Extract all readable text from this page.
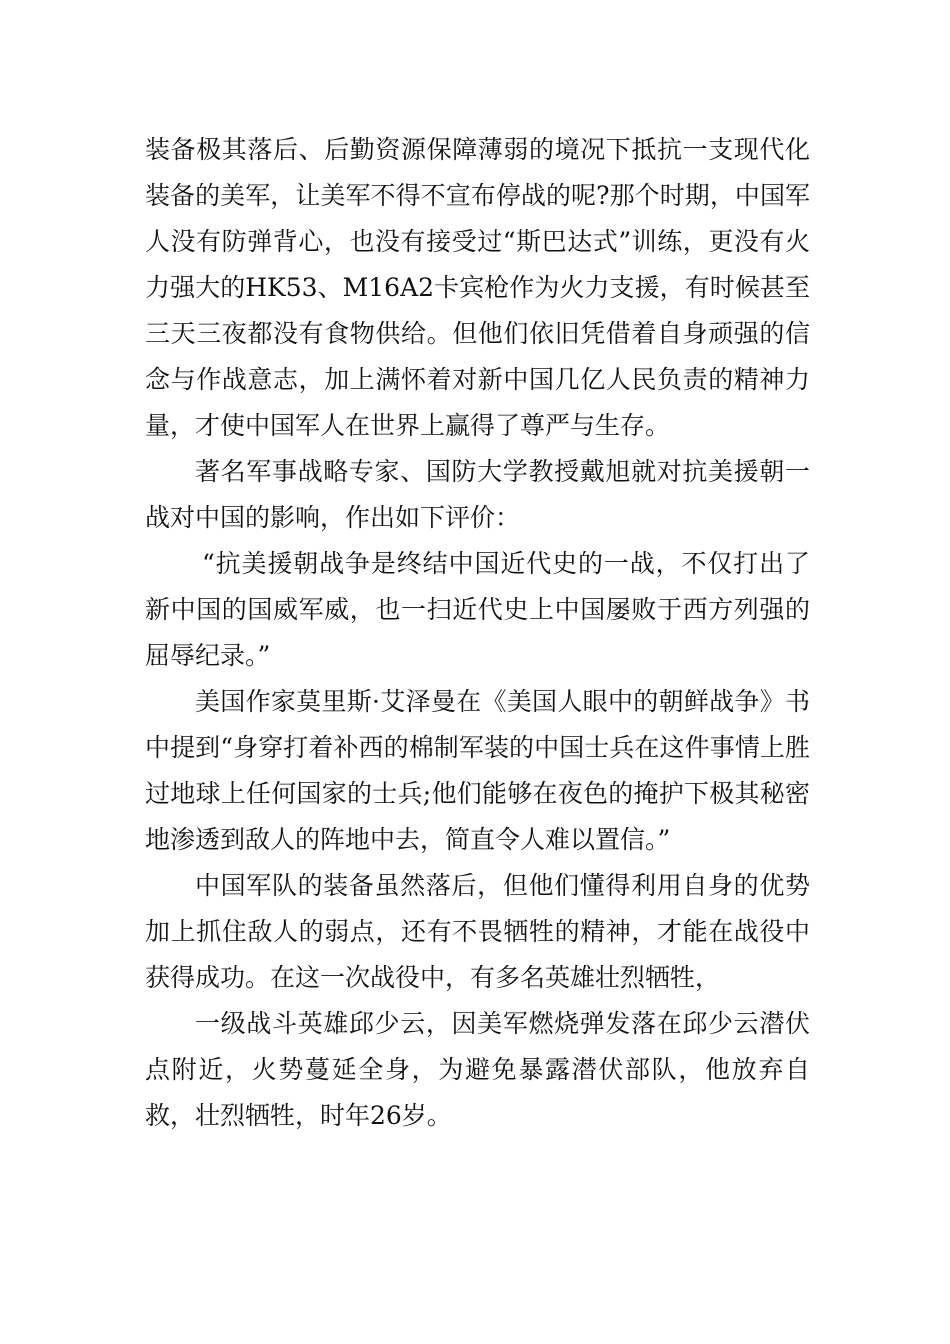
装备极其落后、后勤资源保障薄弱的境况下抵抗一支现代化装备的美军，让美军不得不宣布停战的呢?那个时期，中国军人没有防弹背心，也没有接受过“斯巴达式”训练，更没有火力强大的HK53、M16A2卡宾枪作为火力支援，有时候甚至三天三夜都没有食物供给。但他们依旧凭借着自身顽强的信念与作战意志，加上满怀着对新中国几亿人民负责的精神力量，才使中国军人在世界上赢得了尊严与生存。

著名军事战略专家、国防大学教授戴旭就对抗美援朝一战对中国的影响，作出如下评价：

“抗美援朝战争是终结中国近代史的一战，不仅打出了新中国的国威军威，也一扫近代史上中国屡败于西方列强的屈辱纪录。”

美国作家莫里斯·艾泽曼在《美国人眼中的朝鲜战争》书中提到“身穿打着补西的棉制军装的中国士兵在这件事情上胜过地球上任何国家的士兵;他们能够在夜色的掩护下极其秘密地渗透到敌人的阵地中去，简直令人难以置信。”

中国军队的装备虽然落后，但他们懂得利用自身的优势加上抓住敌人的弱点，还有不畏牺牲的精神，才能在战役中获得成功。在这一次战役中，有多名英雄壮烈牺牲，

一级战斗英雄邱少云，因美军燃烧弹发落在邱少云潜伏点附近，火势蔓延全身，为避免暴露潜伏部队，他放弃自救，壮烈牺牲，时年26岁。
